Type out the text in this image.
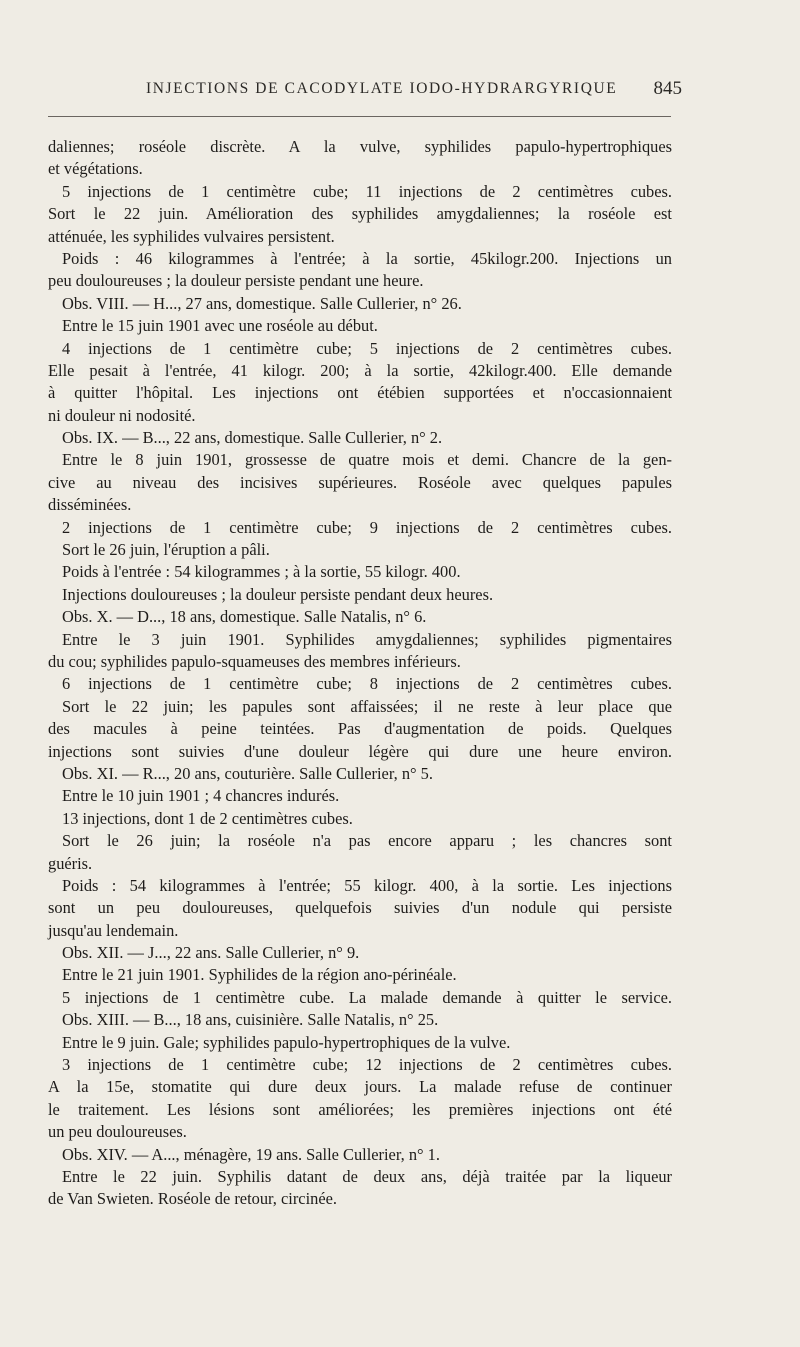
INJECTIONS DE CACODYLATE IODO-HYDRARGYRIQUE 845
daliennes; roséole discrète. A la vulve, syphilides papulo-hypertrophiques
et végétations.
5 injections de 1 centimètre cube; 11 injections de 2 centimètres cubes.
Sort le 22 juin. Amélioration des syphilides amygdaliennes; la roséole est
atténuée, les syphilides vulvaires persistent.
Poids : 46 kilogrammes à l'entrée; à la sortie, 45kilogr.200. Injections un
peu douloureuses ; la douleur persiste pendant une heure.
Obs. VIII. — H..., 27 ans, domestique. Salle Cullerier, n° 26.
Entre le 15 juin 1901 avec une roséole au début.
4 injections de 1 centimètre cube; 5 injections de 2 centimètres cubes.
Elle pesait à l'entrée, 41 kilogr. 200; à la sortie, 42kilogr.400. Elle demande
à quitter l'hôpital. Les injections ont étébien supportées et n'occasionnaient
ni douleur ni nodosité.
Obs. IX. — B..., 22 ans, domestique. Salle Cullerier, n° 2.
Entre le 8 juin 1901, grossesse de quatre mois et demi. Chancre de la gen-
cive au niveau des incisives supérieures. Roséole avec quelques papules
disséminées.
2 injections de 1 centimètre cube; 9 injections de 2 centimètres cubes.
Sort le 26 juin, l'éruption a pâli.
Poids à l'entrée : 54 kilogrammes ; à la sortie, 55 kilogr. 400.
Injections douloureuses ; la douleur persiste pendant deux heures.
Obs. X. — D..., 18 ans, domestique. Salle Natalis, n° 6.
Entre le 3 juin 1901. Syphilides amygdaliennes; syphilides pigmentaires
du cou; syphilides papulo-squameuses des membres inférieurs.
6 injections de 1 centimètre cube; 8 injections de 2 centimètres cubes.
Sort le 22 juin; les papules sont affaissées; il ne reste à leur place que
des macules à peine teintées. Pas d'augmentation de poids. Quelques
injections sont suivies d'une douleur légère qui dure une heure environ.
Obs. XI. — R..., 20 ans, couturière. Salle Cullerier, n° 5.
Entre le 10 juin 1901 ; 4 chancres indurés.
13 injections, dont 1 de 2 centimètres cubes.
Sort le 26 juin; la roséole n'a pas encore apparu ; les chancres sont
guéris.
Poids : 54 kilogrammes à l'entrée; 55 kilogr. 400, à la sortie. Les injections
sont un peu douloureuses, quelquefois suivies d'un nodule qui persiste
jusqu'au lendemain.
Obs. XII. — J..., 22 ans. Salle Cullerier, n° 9.
Entre le 21 juin 1901. Syphilides de la région ano-périnéale.
5 injections de 1 centimètre cube. La malade demande à quitter le service.
Obs. XIII. — B..., 18 ans, cuisinière. Salle Natalis, n° 25.
Entre le 9 juin. Gale; syphilides papulo-hypertrophiques de la vulve.
3 injections de 1 centimètre cube; 12 injections de 2 centimètres cubes.
A la 15e, stomatite qui dure deux jours. La malade refuse de continuer
le traitement. Les lésions sont améliorées; les premières injections ont été
un peu douloureuses.
Obs. XIV. — A..., ménagère, 19 ans. Salle Cullerier, n° 1.
Entre le 22 juin. Syphilis datant de deux ans, déjà traitée par la liqueur
de Van Swieten. Roséole de retour, circinée.
